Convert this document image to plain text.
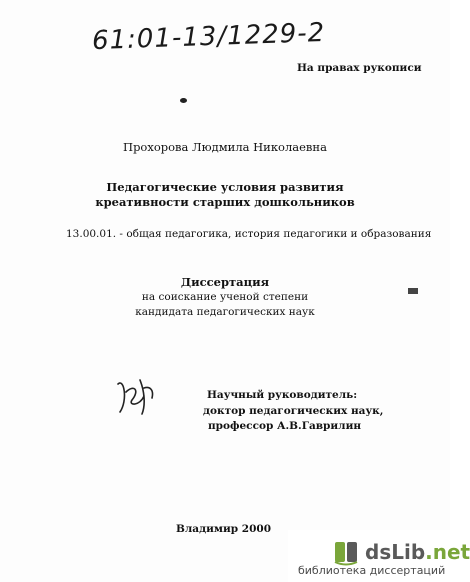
61:01-13/1229-2
На правах рукописи
Прохорова Людмила Николаевна
Педагогические условия развития
креативности старших дошкольников
13.00.01. - общая педагогика, история педагогики и образования
Диссертация
на соискание ученой степени
кандидата педагогических наук
Научный руководитель:
доктор педагогических наук,
профессор А.В.Гаврилин
Владимир 2000
dsLib.net
библиотека диссертаций
